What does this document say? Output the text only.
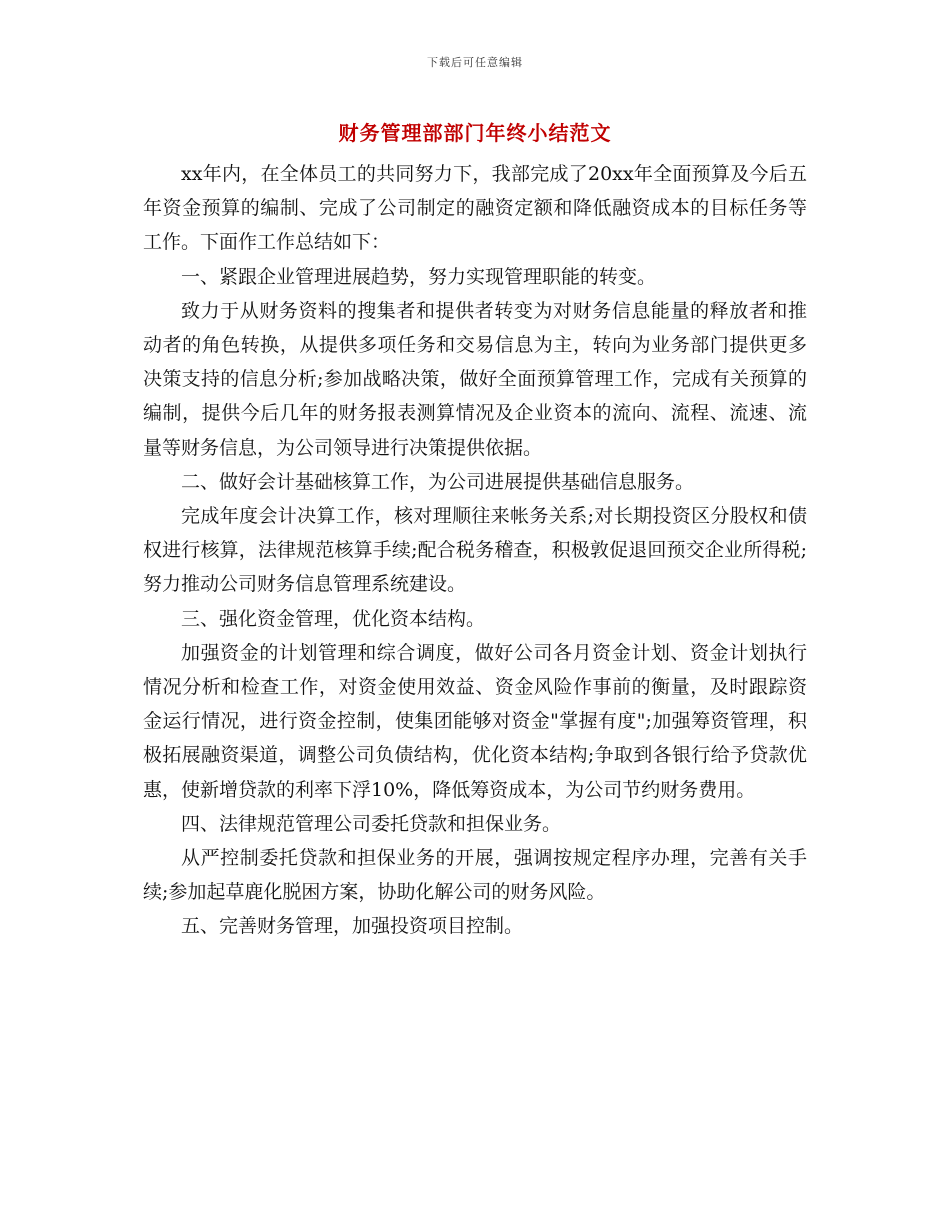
下载后可任意编辑
财务管理部部门年终小结范文

xx年内，在全体员工的共同努力下，我部完成了20xx年全面预算及今后五年资金预算的编制、完成了公司制定的融资定额和降低融资成本的目标任务等工作。下面作工作总结如下：

一、紧跟企业管理进展趋势，努力实现管理职能的转变。

致力于从财务资料的搜集者和提供者转变为对财务信息能量的释放者和推动者的角色转换，从提供多项任务和交易信息为主，转向为业务部门提供更多决策支持的信息分析;参加战略决策，做好全面预算管理工作，完成有关预算的编制，提供今后几年的财务报表测算情况及企业资本的流向、流程、流速、流量等财务信息，为公司领导进行决策提供依据。

二、做好会计基础核算工作，为公司进展提供基础信息服务。

完成年度会计决算工作，核对理顺往来帐务关系;对长期投资区分股权和债权进行核算，法律规范核算手续;配合税务稽查，积极敦促退回预交企业所得税;努力推动公司财务信息管理系统建设。

三、强化资金管理，优化资本结构。

加强资金的计划管理和综合调度，做好公司各月资金计划、资金计划执行情况分析和检查工作，对资金使用效益、资金风险作事前的衡量，及时跟踪资金运行情况，进行资金控制，使集团能够对资金"掌握有度";加强筹资管理，积极拓展融资渠道，调整公司负债结构，优化资本结构;争取到各银行给予贷款优惠，使新增贷款的利率下浮10%，降低筹资成本，为公司节约财务费用。

四、法律规范管理公司委托贷款和担保业务。

从严控制委托贷款和担保业务的开展，强调按规定程序办理，完善有关手续;参加起草鹿化脱困方案，协助化解公司的财务风险。

五、完善财务管理，加强投资项目控制。
